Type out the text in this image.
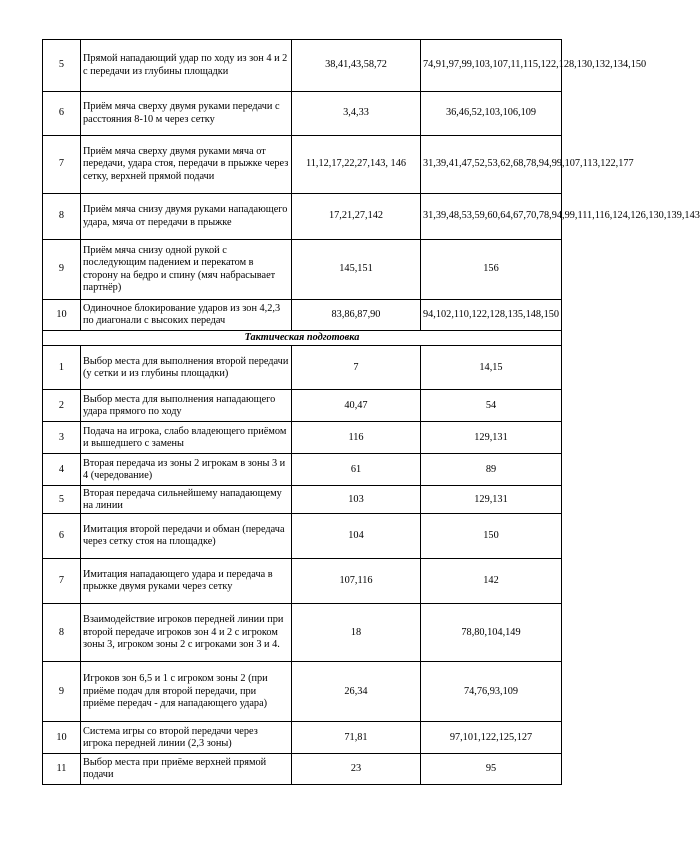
5	Прямой нападающий удар по ходу из зон 4 и 2 с передачи из глубины площадки	38,41,43,58,72	74,91,97,99,103,107,11,115,122,128,130,132,134,150
6	Приём мяча сверху двумя руками передачи с расстояния 8-10 м через сетку	3,4,33	36,46,52,103,106,109
7	Приём мяча сверху двумя руками мяча от передачи, удара стоя, передачи в прыжке через сетку, верхней прямой подачи	11,12,17,22,27,143, 146	31,39,41,47,52,53,62,68,78,94,99,107,113,122,177
8	Приём мяча снизу двумя руками нападающего удара, мяча от передачи в прыжке	17,21,27,142	31,39,48,53,59,60,64,67,70,78,94,99,111,116,124,126,130,139,143
9	Приём мяча снизу одной рукой с последующим падением и перекатом в сторону на бедро и спину (мяч набрасывает партнёр)	145,151	156
10	Одиночное блокирование ударов из зон 4,2,3 по диагонали с высоких передач	83,86,87,90	94,102,110,122,128,135,148,150
Тактическая подготовка			
1	Выбор места для выполнения второй передачи (у сетки и из глубины площадки)	7	14,15
2	Выбор места для выполнения нападающего удара прямого по ходу	40,47	54
3	Подача на игрока, слабо владеющего приёмом и вышедшего с замены	116	129,131
4	Вторая передача из зоны 2 игрокам в зоны 3 и 4 (чередование)	61	89
5	Вторая передача сильнейшему нападающему на линии	103	129,131
6	Имитация второй передачи и обман (передача через сетку стоя на площадке)	104	150
7	Имитация нападающего удара и передача в прыжке двумя руками через сетку	107,116	142
8	Взаимодействие игроков передней линии при второй передаче игроков зон 4 и 2 с игроком зоны 3, игроком зоны 2 с игроками зон 3 и 4.	18	78,80,104,149
9	Игроков зон 6,5 и 1 с игроком зоны 2 (при приёме подач для второй передачи, при приёме передач - для нападающего удара)	26,34	74,76,93,109
10	Система игры со второй передачи через игрока передней линии (2,3 зоны)	71,81	97,101,122,125,127
11	Выбор места при приёме верхней прямой подачи	23	95
